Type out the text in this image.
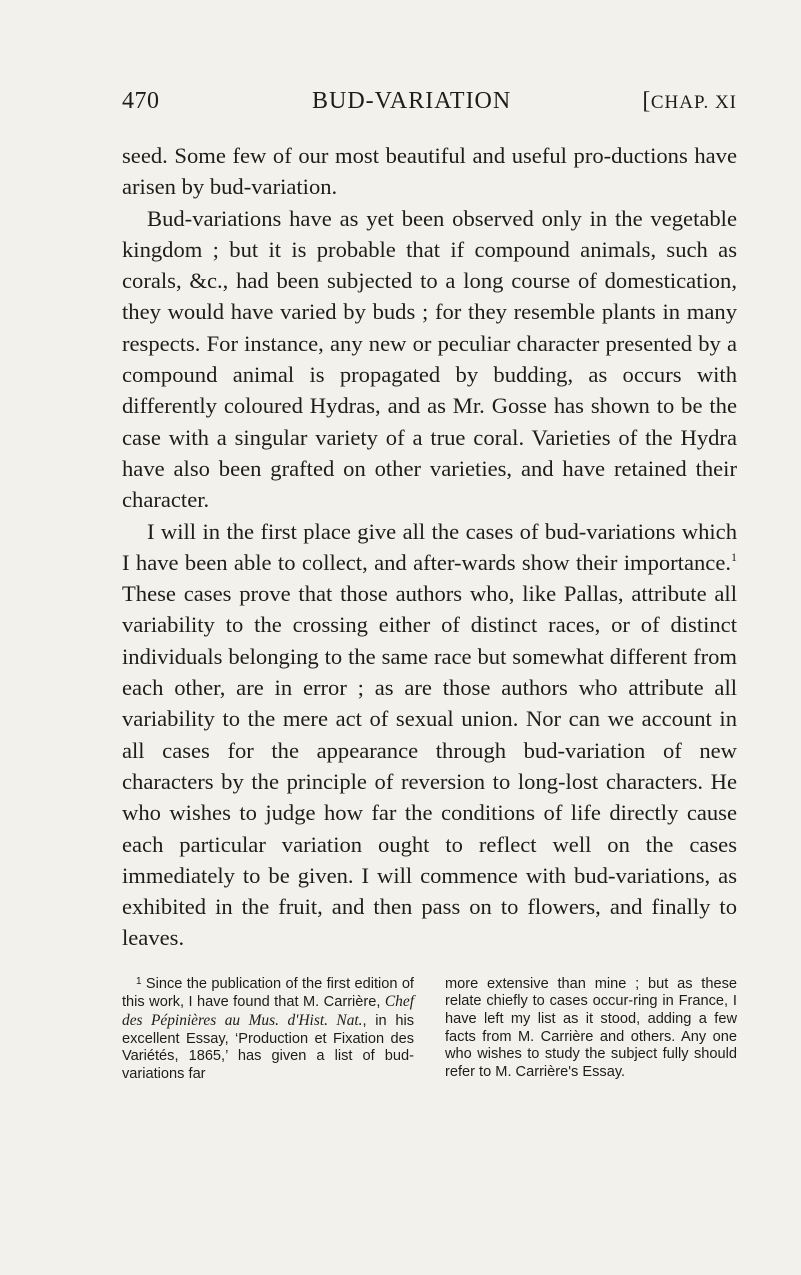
470	BUD-VARIATION	[CHAP. XI

seed. Some few of our most beautiful and useful pro-ductions have arisen by bud-variation.

Bud-variations have as yet been observed only in the vegetable kingdom ; but it is probable that if compound animals, such as corals, &c., had been subjected to a long course of domestication, they would have varied by buds ; for they resemble plants in many respects. For instance, any new or peculiar character presented by a compound animal is propagated by budding, as occurs with differently coloured Hydras, and as Mr. Gosse has shown to be the case with a singular variety of a true coral. Varieties of the Hydra have also been grafted on other varieties, and have retained their character.

I will in the first place give all the cases of bud-variations which I have been able to collect, and after-wards show their importance.$^1$ These cases prove that those authors who, like Pallas, attribute all variability to the crossing either of distinct races, or of distinct individuals belonging to the same race but somewhat different from each other, are in error ; as are those authors who attribute all variability to the mere act of sexual union. Nor can we account in all cases for the appearance through bud-variation of new characters by the principle of reversion to long-lost characters. He who wishes to judge how far the conditions of life directly cause each particular variation ought to reflect well on the cases immediately to be given. I will commence with bud-variations, as exhibited in the fruit, and then pass on to flowers, and finally to leaves.

$^1$ Since the publication of the first edition of this work, I have found that M. Carrière, Chef des Pépinières au Mus. d'Hist. Nat., in his excellent Essay, ‘Production et Fixation des Variétés, 1865,’ has given a list of bud-variations far

more extensive than mine ; but as these relate chiefly to cases occur-ring in France, I have left my list as it stood, adding a few facts from M. Carrière and others. Any one who wishes to study the subject fully should refer to M. Carrière's Essay.
